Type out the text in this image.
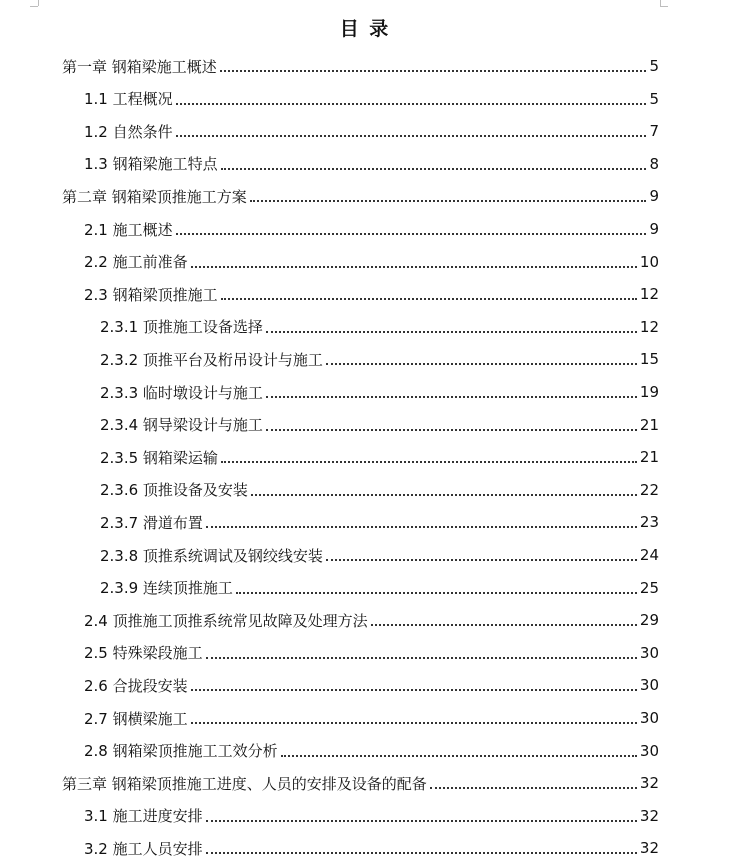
目 录
第一章 钢箱梁施工概述	5
1.1 工程概况	5
1.2 自然条件	7
1.3 钢箱梁施工特点	8
第二章 钢箱梁顶推施工方案	9
2.1 施工概述	9
2.2 施工前准备	10
2.3 钢箱梁顶推施工	12
2.3.1 顶推施工设备选择	12
2.3.2 顶推平台及桁吊设计与施工	15
2.3.3 临时墩设计与施工	19
2.3.4 钢导梁设计与施工	21
2.3.5 钢箱梁运输	21
2.3.6 顶推设备及安装	22
2.3.7 滑道布置	23
2.3.8 顶推系统调试及钢绞线安装	24
2.3.9 连续顶推施工	25
2.4 顶推施工顶推系统常见故障及处理方法	29
2.5 特殊梁段施工	30
2.6 合拢段安装	30
2.7 钢横梁施工	30
2.8 钢箱梁顶推施工工效分析	30
第三章 钢箱梁顶推施工进度、人员的安排及设备的配备	32
3.1 施工进度安排	32
3.2 施工人员安排	32
